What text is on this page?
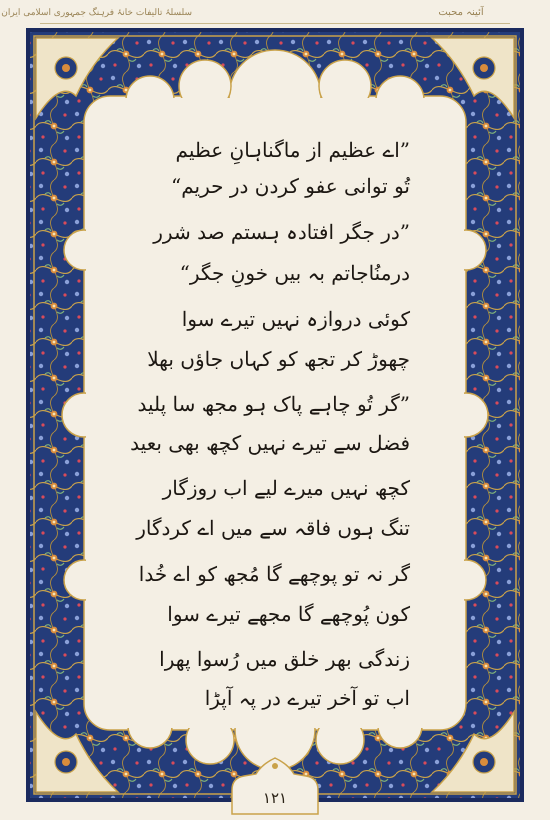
سلسلۂ تالیفات خانۂ فرہنگ جمہوری اسلامی ایران	آئینہ محبت
”اے عظیم از ماگناہانِ عظیم
تُو توانی عفو کردن در حریم“
”در جگر افتادہ ہستم صد شرر
درمنُاجاتم بہ بیں خونِ جگر“
کوئی دروازہ نہیں تیرے سوا
چھوڑ کر تجھ کو کہاں جاؤں بھلا
”گر تُو چاہے پاک ہو مجھ سا پلید
فضل سے تیرے نہیں کچھ بھی بعید
کچھ نہیں میرے لیے اب روزگار
تنگ ہوں فاقہ سے میں اے کردگار
گر نہ تو پوچھے گا مُجھ کو اے خُدا
کون پُوچھے گا مجھے تیرے سوا
زندگی بھر خلق میں رُسوا پھرا
اب تو آخر تیرے در پہ آپڑا
۱۲۱
